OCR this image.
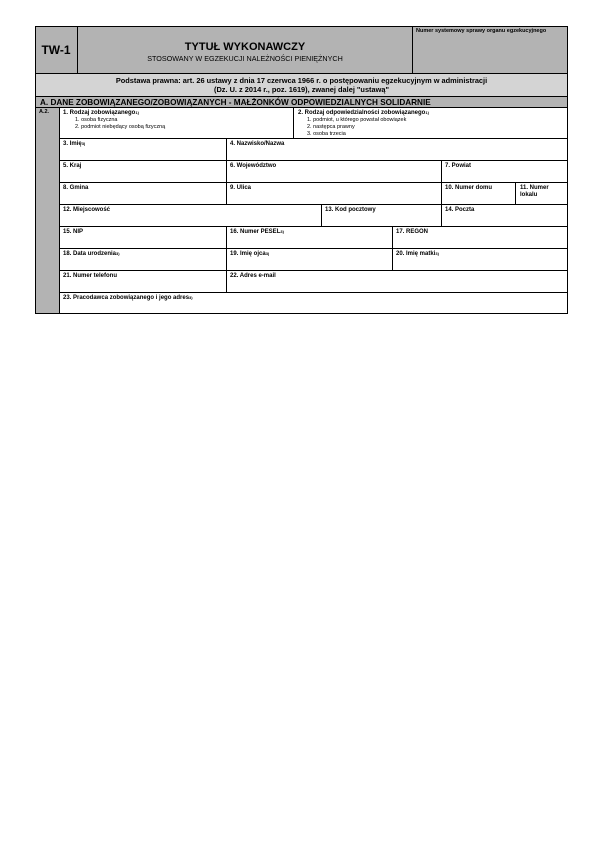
TW-1	TYTUŁ WYKONAWCZY
STOSOWANY W EGZEKUCJI NALEŻNOŚCI PIENIĘŻNYCH
Numer systemowy sprawy organu egzekucyjnego
Podstawa prawna: art. 26 ustawy z dnia 17 czerwca 1966 r. o postępowaniu egzekucyjnym w administracji
(Dz. U. z 2014 r., poz. 1619), zwanej dalej "ustawą"
A. DANE ZOBOWIĄZANEGO/ZOBOWIĄZANYCH - MAŁŻONKÓW ODPOWIEDZIALNYCH SOLIDARNIE
A.2. 1. Rodzaj zobowiązanego$^{1)}$
1. osoba fizyczna
2. podmiot niebędący osobą fizyczną
2. Rodzaj odpowiedzialności zobowiązanego$^{1)}$
1. podmiot, u którego powstał obowiązek
2. następca prawny
3. osoba trzecia
3. Imię$^{3)}$	4. Nazwisko/Nazwa
5. Kraj	6. Województwo	7. Powiat
8. Gmina	9. Ulica	10. Numer domu	11. Numer
lokalu
12. Miejscowość	13. Kod pocztowy	14. Poczta
15. NIP	16. Numer PESEL$^{3)}$	17. REGON
18. Data urodzenia$^{3)}$	19. Imię ojca$^{3)}$	20. Imię matki$^{3)}$
21. Numer telefonu	22. Adres e-mail
23. Pracodawca zobowiązanego i jego adres$^{3)}$
